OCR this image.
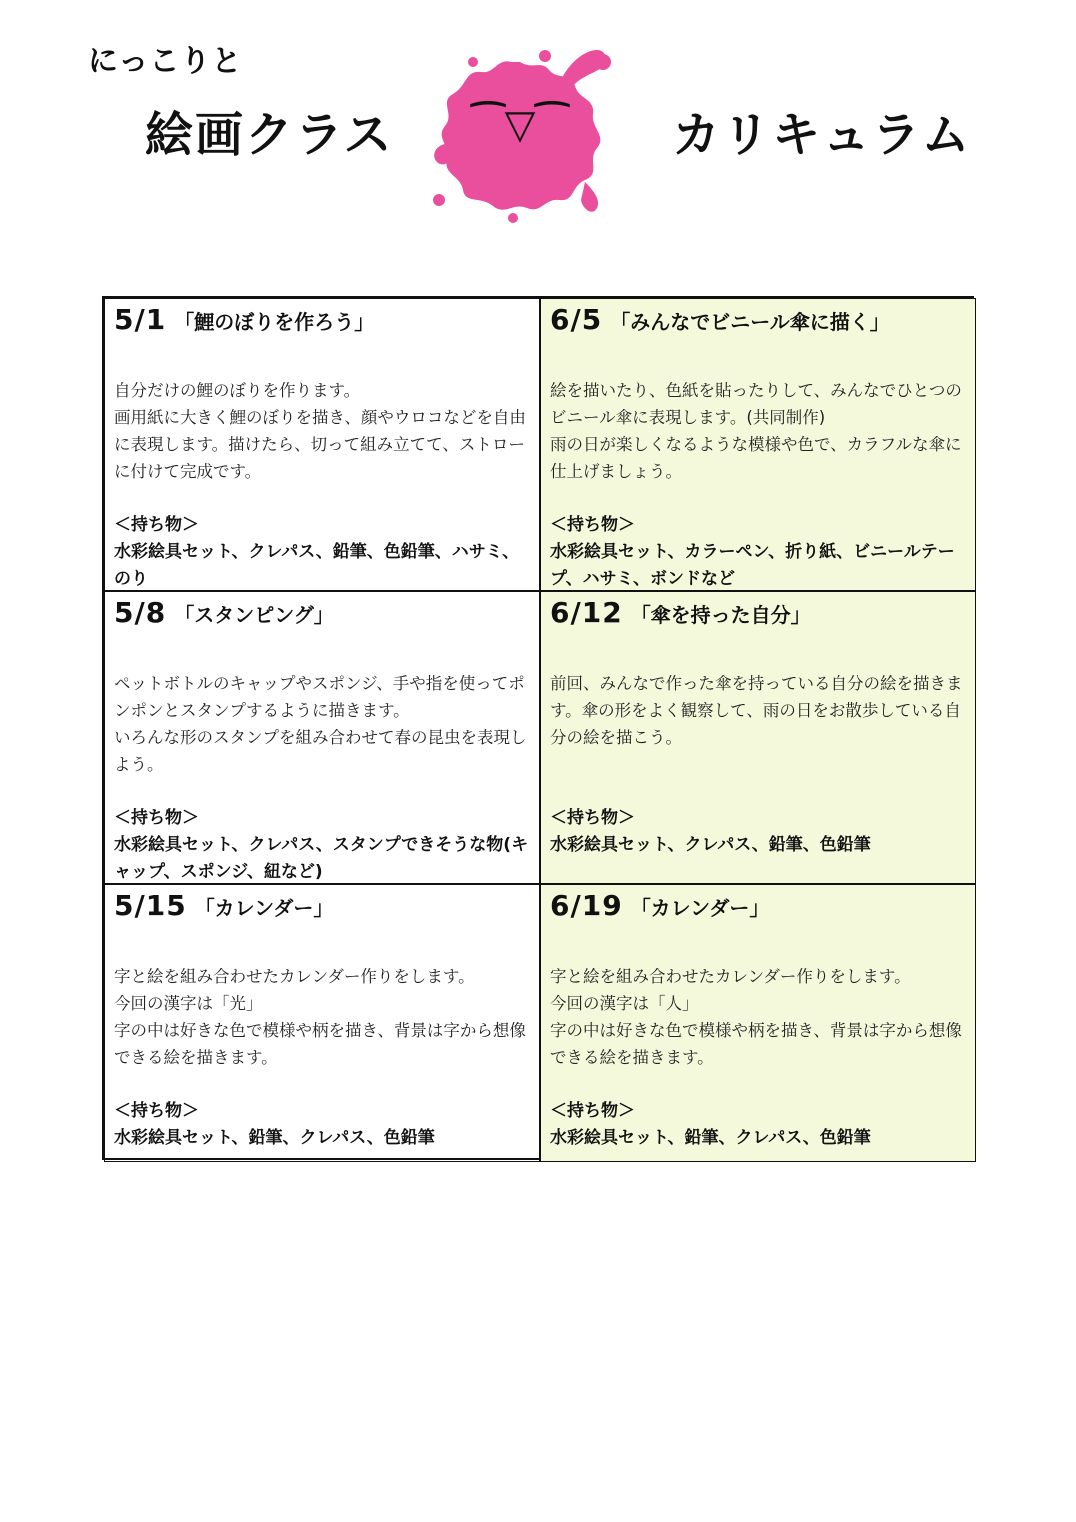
にっこりと
絵画クラス ⁀▽⁀ カリキュラム
5/1 「鯉のぼりを作ろう」
自分だけの鯉のぼりを作ります。
画用紙に大きく鯉のぼりを描き、顔やウロコなどを自由に表現します。描けたら、切って組み立てて、ストローに付けて完成です。
＜持ち物＞
水彩絵具セット、クレパス、鉛筆、色鉛筆、ハサミ、のり
6/5 「みんなでビニール傘に描く」
絵を描いたり、色紙を貼ったりして、みんなでひとつのビニール傘に表現します。(共同制作)
雨の日が楽しくなるような模様や色で、カラフルな傘に仕上げましょう。
＜持ち物＞
水彩絵具セット、カラーペン、折り紙、ビニールテープ、ハサミ、ボンドなど
5/8 「スタンピング」
ペットボトルのキャップやスポンジ、手や指を使ってポンポンとスタンプするように描きます。
いろんな形のスタンプを組み合わせて春の昆虫を表現しよう。
＜持ち物＞
水彩絵具セット、クレパス、スタンプできそうな物(キャップ、スポンジ、紐など)
6/12 「傘を持った自分」
前回、みんなで作った傘を持っている自分の絵を描きます。傘の形をよく観察して、雨の日をお散歩している自分の絵を描こう。
＜持ち物＞
水彩絵具セット、クレパス、鉛筆、色鉛筆
5/15 「カレンダー」
字と絵を組み合わせたカレンダー作りをします。
今回の漢字は「光」
字の中は好きな色で模様や柄を描き、背景は字から想像できる絵を描きます。
＜持ち物＞
水彩絵具セット、鉛筆、クレパス、色鉛筆
6/19 「カレンダー」
字と絵を組み合わせたカレンダー作りをします。
今回の漢字は「人」
字の中は好きな色で模様や柄を描き、背景は字から想像できる絵を描きます。
＜持ち物＞
水彩絵具セット、鉛筆、クレパス、色鉛筆
